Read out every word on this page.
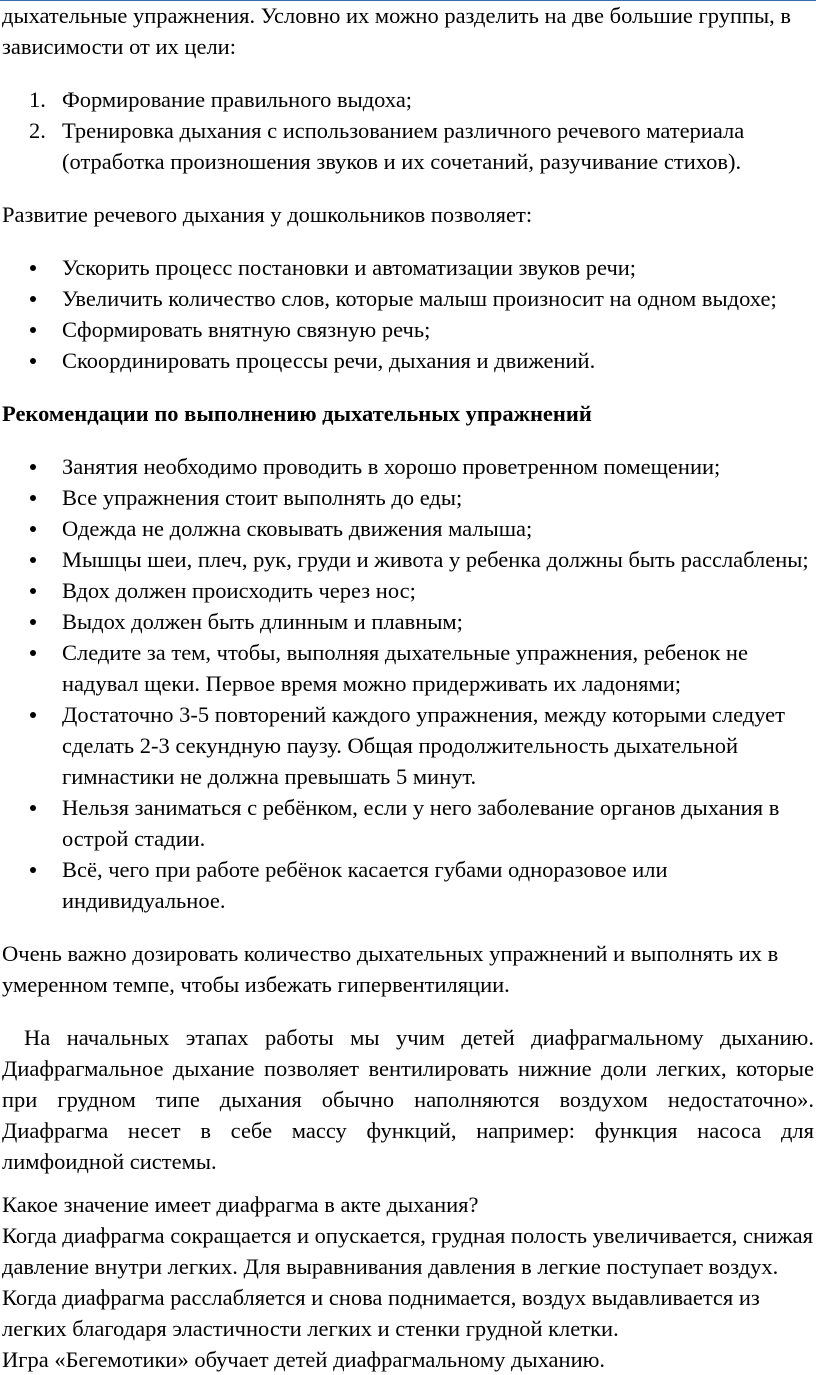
дыхательные упражнения. Условно их можно разделить на две большие группы, в зависимости от их цели:

1. Формирование правильного выдоха;
2. Тренировка дыхания с использованием различного речевого материала (отработка произношения звуков и их сочетаний, разучивание стихов).

Развитие речевого дыхания у дошкольников позволяет:

Ускорить процесс постановки и автоматизации звуков речи;
Увеличить количество слов, которые малыш произносит на одном выдохе;
Сформировать внятную связную речь;
Скоординировать процессы речи, дыхания и движений.

Рекомендации по выполнению дыхательных упражнений

Занятия необходимо проводить в хорошо проветренном помещении;
Все упражнения стоит выполнять до еды;
Одежда не должна сковывать движения малыша;
Мышцы шеи, плеч, рук, груди и живота у ребенка должны быть расслаблены;
Вдох должен происходить через нос;
Выдох должен быть длинным и плавным;
Следите за тем, чтобы, выполняя дыхательные упражнения, ребенок не надувал щеки. Первое время можно придерживать их ладонями;
Достаточно 3-5 повторений каждого упражнения, между которыми следует сделать 2-3 секундную паузу. Общая продолжительность дыхательной гимнастики не должна превышать 5 минут.
Нельзя заниматься с ребёнком, если у него заболевание органов дыхания в острой стадии.
Всё, чего при работе ребёнок касается губами одноразовое или индивидуальное.

Очень важно дозировать количество дыхательных упражнений и выполнять их в умеренном темпе, чтобы избежать гипервентиляции.

На начальных этапах работы мы учим детей диафрагмальному дыханию. Диафрагмальное дыхание позволяет вентилировать нижние доли легких, которые при грудном типе дыхания обычно наполняются воздухом недостаточно». Диафрагма несет в себе массу функций, например: функция насоса для лимфоидной системы.

Какое значение имеет диафрагма в акте дыхания?

Когда диафрагма сокращается и опускается, грудная полость увеличивается, снижая давление внутри легких. Для выравнивания давления в легкие поступает воздух. Когда диафрагма расслабляется и снова поднимается, воздух выдавливается из легких благодаря эластичности легких и стенки грудной клетки.

Игра «Бегемотики» обучает детей диафрагмальному дыханию.
